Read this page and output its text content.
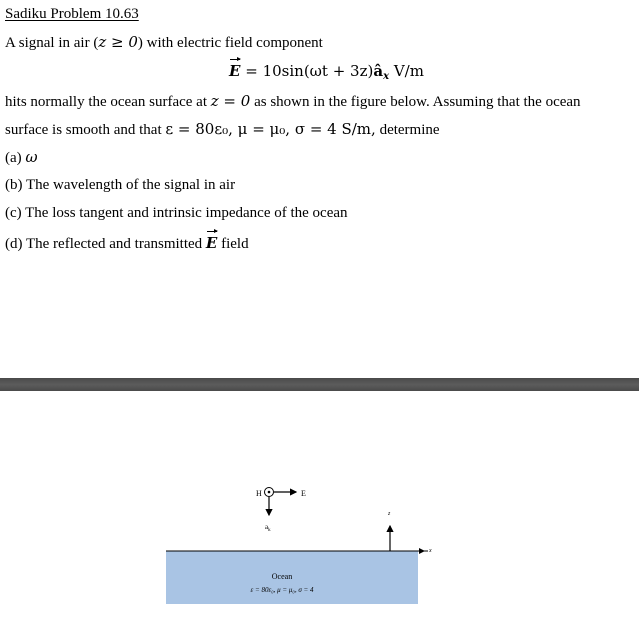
Sadiku Problem 10.63
A signal in air (z ≥ 0) with electric field component
$E = 10\sin(\omega t + 3z)â_x$ V/m
hits normally the ocean surface at z = 0 as shown in the figure below. Assuming that the ocean
surface is smooth and that ε = 80ε₀, μ = μ₀, σ = 4 S/m, determine
(a) ω
(b) The wavelength of the signal in air
(c) The loss tangent and intrinsic impedance of the ocean
(d) The reflected and transmitted E field
H	E
$a_k$
z
x
Ocean
ε = 80ε₀, μ = μ₀, σ = 4
